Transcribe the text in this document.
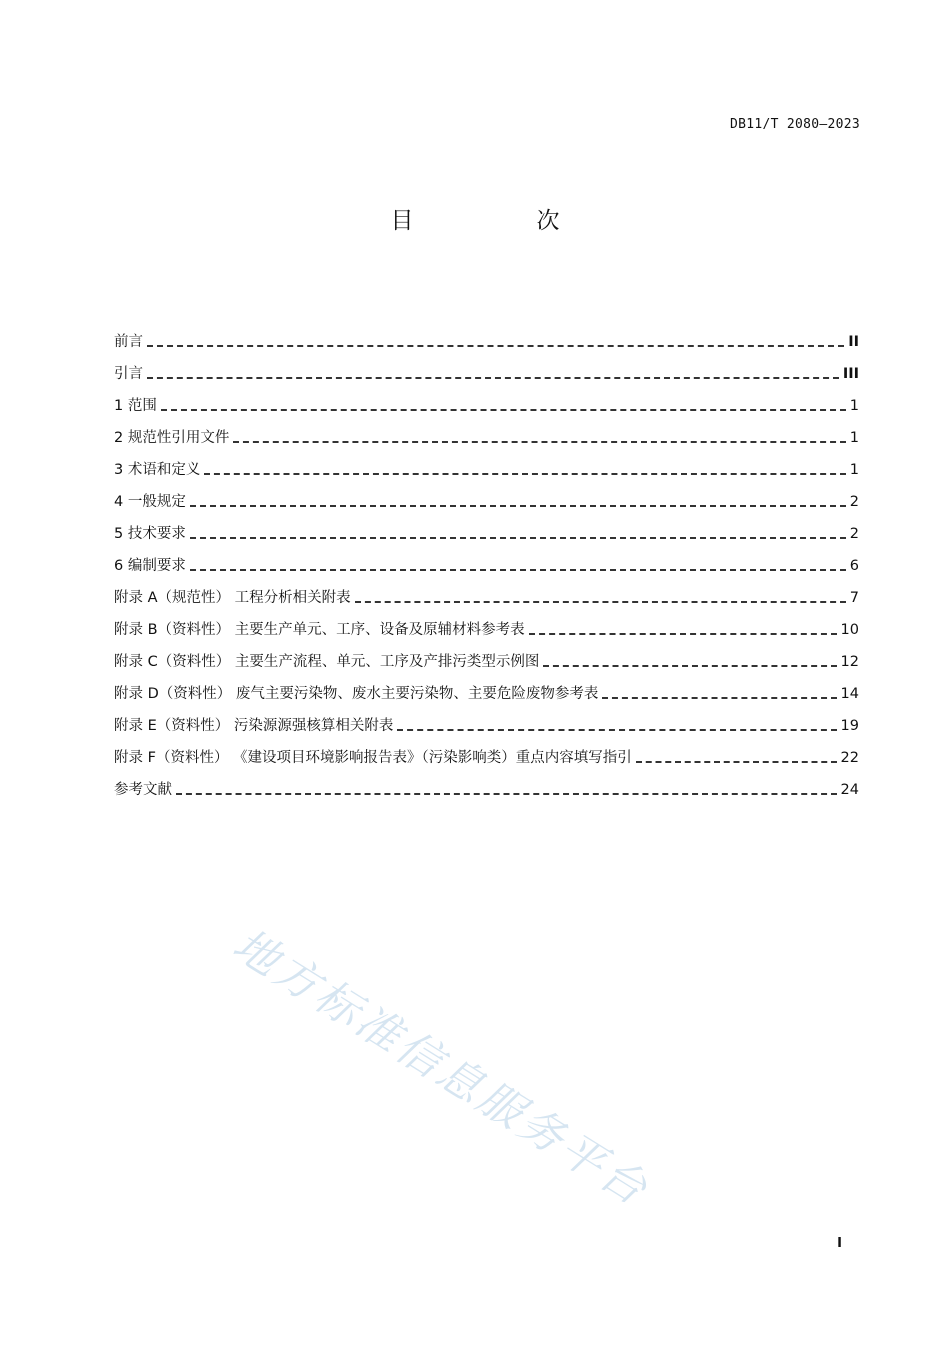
DB11/T 2080—2023
目　次
前言	II
引言	III
1 范围	1
2 规范性引用文件	1
3 术语和定义	1
4 一般规定	2
5 技术要求	2
6 编制要求	6
附录 A（规范性） 工程分析相关附表	7
附录 B（资料性） 主要生产单元、工序、设备及原辅材料参考表	10
附录 C（资料性） 主要生产流程、单元、工序及产排污类型示例图	12
附录 D（资料性） 废气主要污染物、废水主要污染物、主要危险废物参考表	14
附录 E（资料性） 污染源源强核算相关附表	19
附录 F（资料性） 《建设项目环境影响报告表》（污染影响类）重点内容填写指引	22
参考文献	24
地方标准信息服务平台
I
